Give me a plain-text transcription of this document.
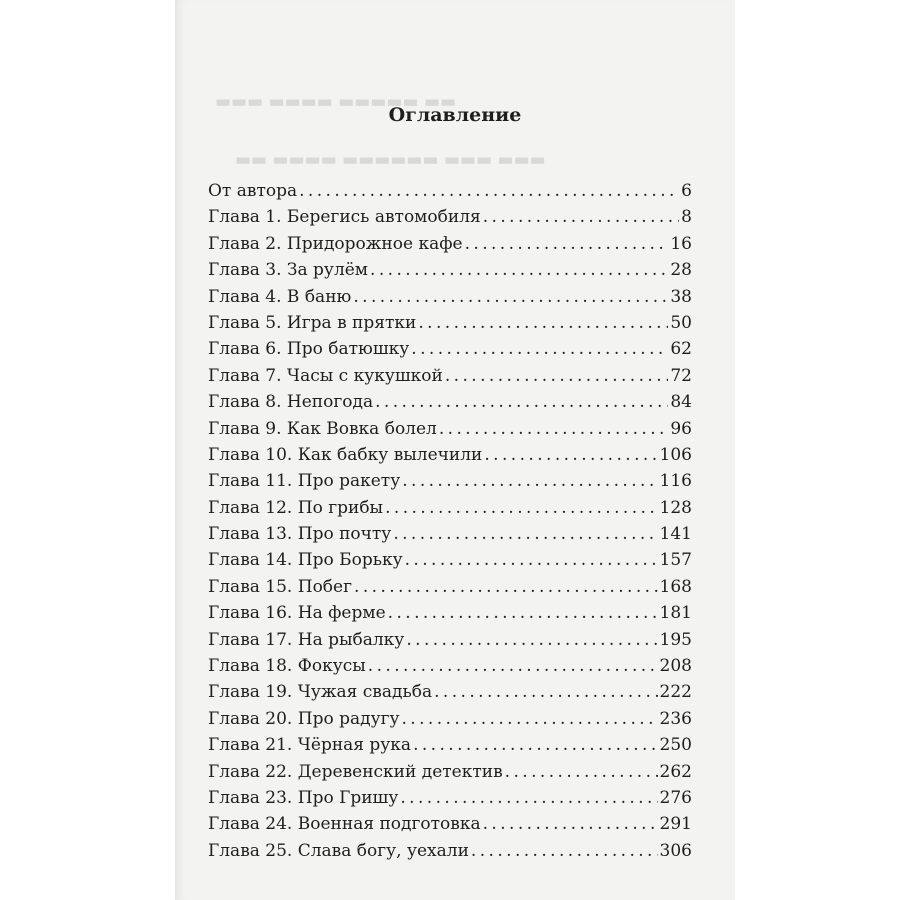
▬▬▬ ▬▬▬▬ ▬▬▬▬▬ ▬▬
▬▬ ▬▬▬▬ ▬▬▬▬▬▬ ▬▬▬ ▬▬▬
Оглавление
От автора . . .	6
Глава 1. Берегись автомобиля . . .	8
Глава 2. Придорожное кафе . . .	16
Глава 3. За рулём . . .	28
Глава 4. В баню . . .	38
Глава 5. Игра в прятки . . .	50
Глава 6. Про батюшку . . .	62
Глава 7. Часы с кукушкой . . .	72
Глава 8. Непогода . . .	84
Глава 9. Как Вовка болел . . .	96
Глава 10. Как бабку вылечили . . .	106
Глава 11. Про ракету . . .	116
Глава 12. По грибы . . .	128
Глава 13. Про почту . . .	141
Глава 14. Про Борьку . . .	157
Глава 15. Побег . . .	168
Глава 16. На ферме . . .	181
Глава 17. На рыбалку . . .	195
Глава 18. Фокусы . . .	208
Глава 19. Чужая свадьба . . .	222
Глава 20. Про радугу . . .	236
Глава 21. Чёрная рука . . .	250
Глава 22. Деревенский детектив . . .	262
Глава 23. Про Гришу . . .	276
Глава 24. Военная подготовка . . .	291
Глава 25. Слава богу, уехали . . .	306
